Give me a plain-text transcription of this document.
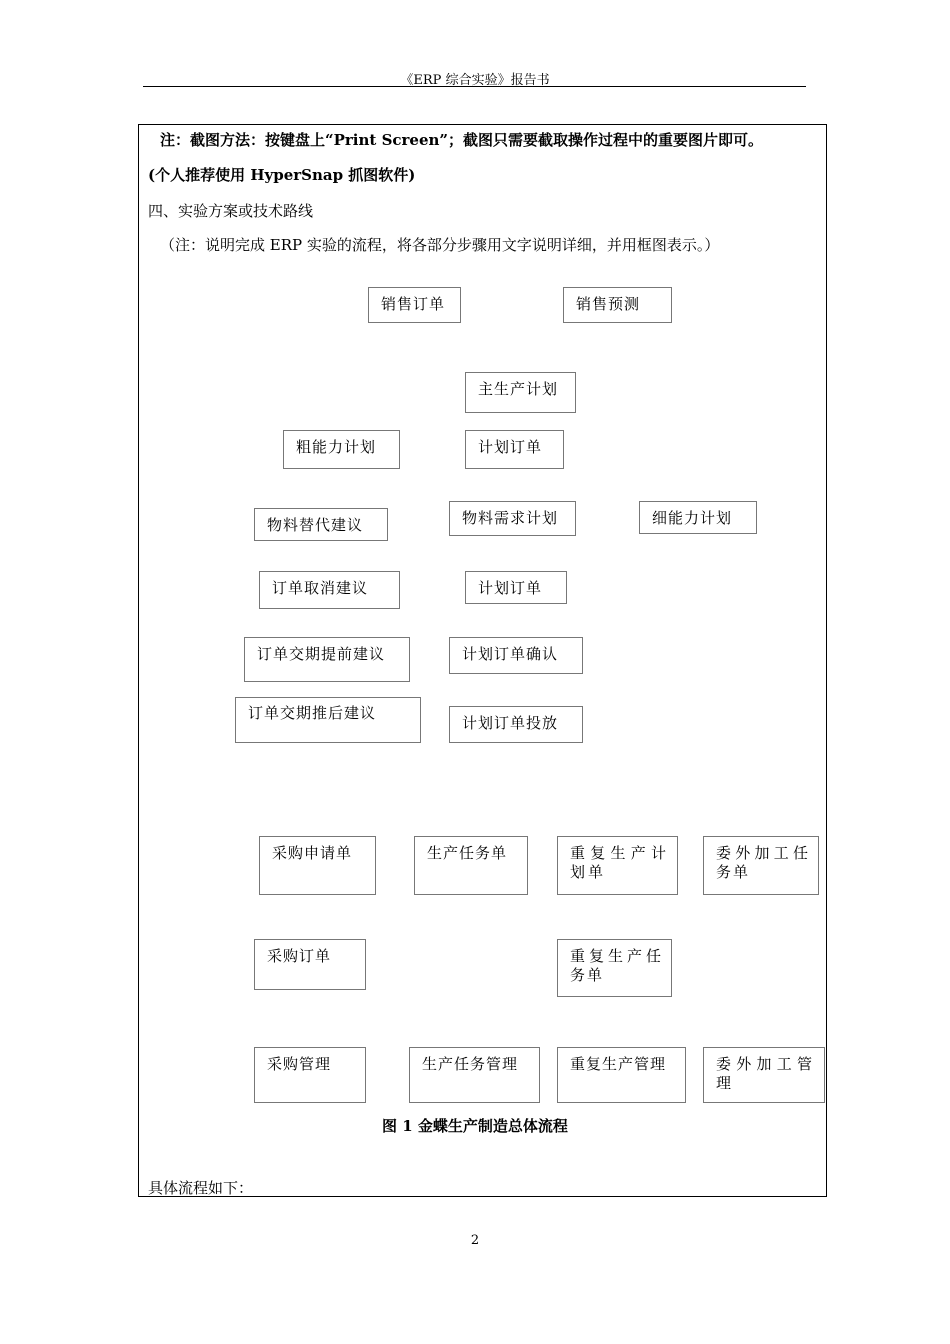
《ERP 综合实验》报告书
注：截图方法：按键盘上“Print Screen”；截图只需要截取操作过程中的重要图片即可。
(个人推荐使用 HyperSnap 抓图软件)
四、实验方案或技术路线
（注：说明完成 ERP 实验的流程，将各部分步骤用文字说明详细，并用框图表示。）
销售订单	销售预测
主生产计划
粗能力计划	计划订单
物料替代建议	物料需求计划	细能力计划
订单取消建议	计划订单
订单交期提前建议	计划订单确认
订单交期推后建议
计划订单投放
采购申请单	生产任务单	重复生产计划单
委外加工任务单
采购订单	重复生产任务单
采购管理	生产任务管理	重复生产管理	委外加工管理
图 1 金蝶生产制造总体流程
具体流程如下：
2
